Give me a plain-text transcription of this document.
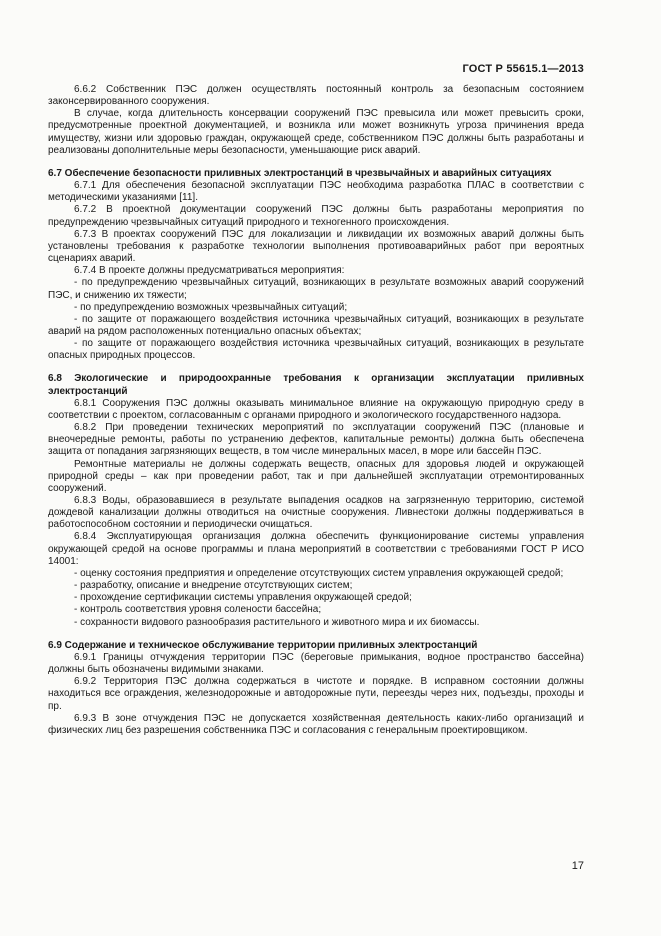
ГОСТ Р 55615.1—2013

6.6.2 Собственник ПЭС должен осуществлять постоянный контроль за безопасным состоянием законсервированного сооружения.

В случае, когда длительность консервации сооружений ПЭС превысила или может превысить сроки, предусмотренные проектной документацией, и возникла или может возникнуть угроза причинения вреда имуществу, жизни или здоровью граждан, окружающей среде, собственником ПЭС должны быть разработаны и реализованы дополнительные меры безопасности, уменьшающие риск аварий.

6.7 Обеспечение безопасности приливных электростанций в чрезвычайных и аварийных ситуациях

6.7.1 Для обеспечения безопасной эксплуатации ПЭС необходима разработка ПЛАС в соответствии с методическими указаниями [11].

6.7.2 В проектной документации сооружений ПЭС должны быть разработаны мероприятия по предупреждению чрезвычайных ситуаций природного и техногенного происхождения.

6.7.3 В проектах сооружений ПЭС для локализации и ликвидации их возможных аварий должны быть установлены требования к разработке технологии выполнения противоаварийных работ при вероятных сценариях аварий.

6.7.4 В проекте должны предусматриваться мероприятия:

- по предупреждению чрезвычайных ситуаций, возникающих в результате возможных аварий сооружений ПЭС, и снижению их тяжести;

- по предупреждению возможных чрезвычайных ситуаций;

- по защите от поражающего воздействия источника чрезвычайных ситуаций, возникающих в результате аварий на рядом расположенных потенциально опасных объектах;

- по защите от поражающего воздействия источника чрезвычайных ситуаций, возникающих в результате опасных природных процессов.

6.8 Экологические и природоохранные требования к организации эксплуатации приливных электростанций

6.8.1 Сооружения ПЭС должны оказывать минимальное влияние на окружающую природную среду в соответствии с проектом, согласованным с органами природного и экологического государственного надзора.

6.8.2 При проведении технических мероприятий по эксплуатации сооружений ПЭС (плановые и внеочередные ремонты, работы по устранению дефектов, капитальные ремонты) должна быть обеспечена защита от попадания загрязняющих веществ, в том числе минеральных масел, в море или бассейн ПЭС.

Ремонтные материалы не должны содержать веществ, опасных для здоровья людей и окружающей природной среды – как при проведении работ, так и при дальнейшей эксплуатации отремонтированных сооружений.

6.8.3 Воды, образовавшиеся в результате выпадения осадков на загрязненную территорию, системой дождевой канализации должны отводиться на очистные сооружения. Ливнестоки должны поддерживаться в работоспособном состоянии и периодически очищаться.

6.8.4 Эксплуатирующая организация должна обеспечить функционирование системы управления окружающей средой на основе программы и плана мероприятий в соответствии с требованиями ГОСТ Р ИСО 14001:

- оценку состояния предприятия и определение отсутствующих систем управления окружающей средой;

- разработку, описание и внедрение отсутствующих систем;

- прохождение сертификации системы управления окружающей средой;

- контроль соответствия уровня солености бассейна;

- сохранности видового разнообразия растительного и животного мира и их биомассы.

6.9 Содержание и техническое обслуживание территории приливных электростанций

6.9.1 Границы отчуждения территории ПЭС (береговые примыкания, водное пространство бассейна) должны быть обозначены видимыми знаками.

6.9.2 Территория ПЭС должна содержаться в чистоте и порядке. В исправном состоянии должны находиться все ограждения, железнодорожные и автодорожные пути, переезды через них, подъезды, проходы и пр.

6.9.3 В зоне отчуждения ПЭС не допускается хозяйственная деятельность каких-либо организаций и физических лиц без разрешения собственника ПЭС и согласования с генеральным проектировщиком.

17
